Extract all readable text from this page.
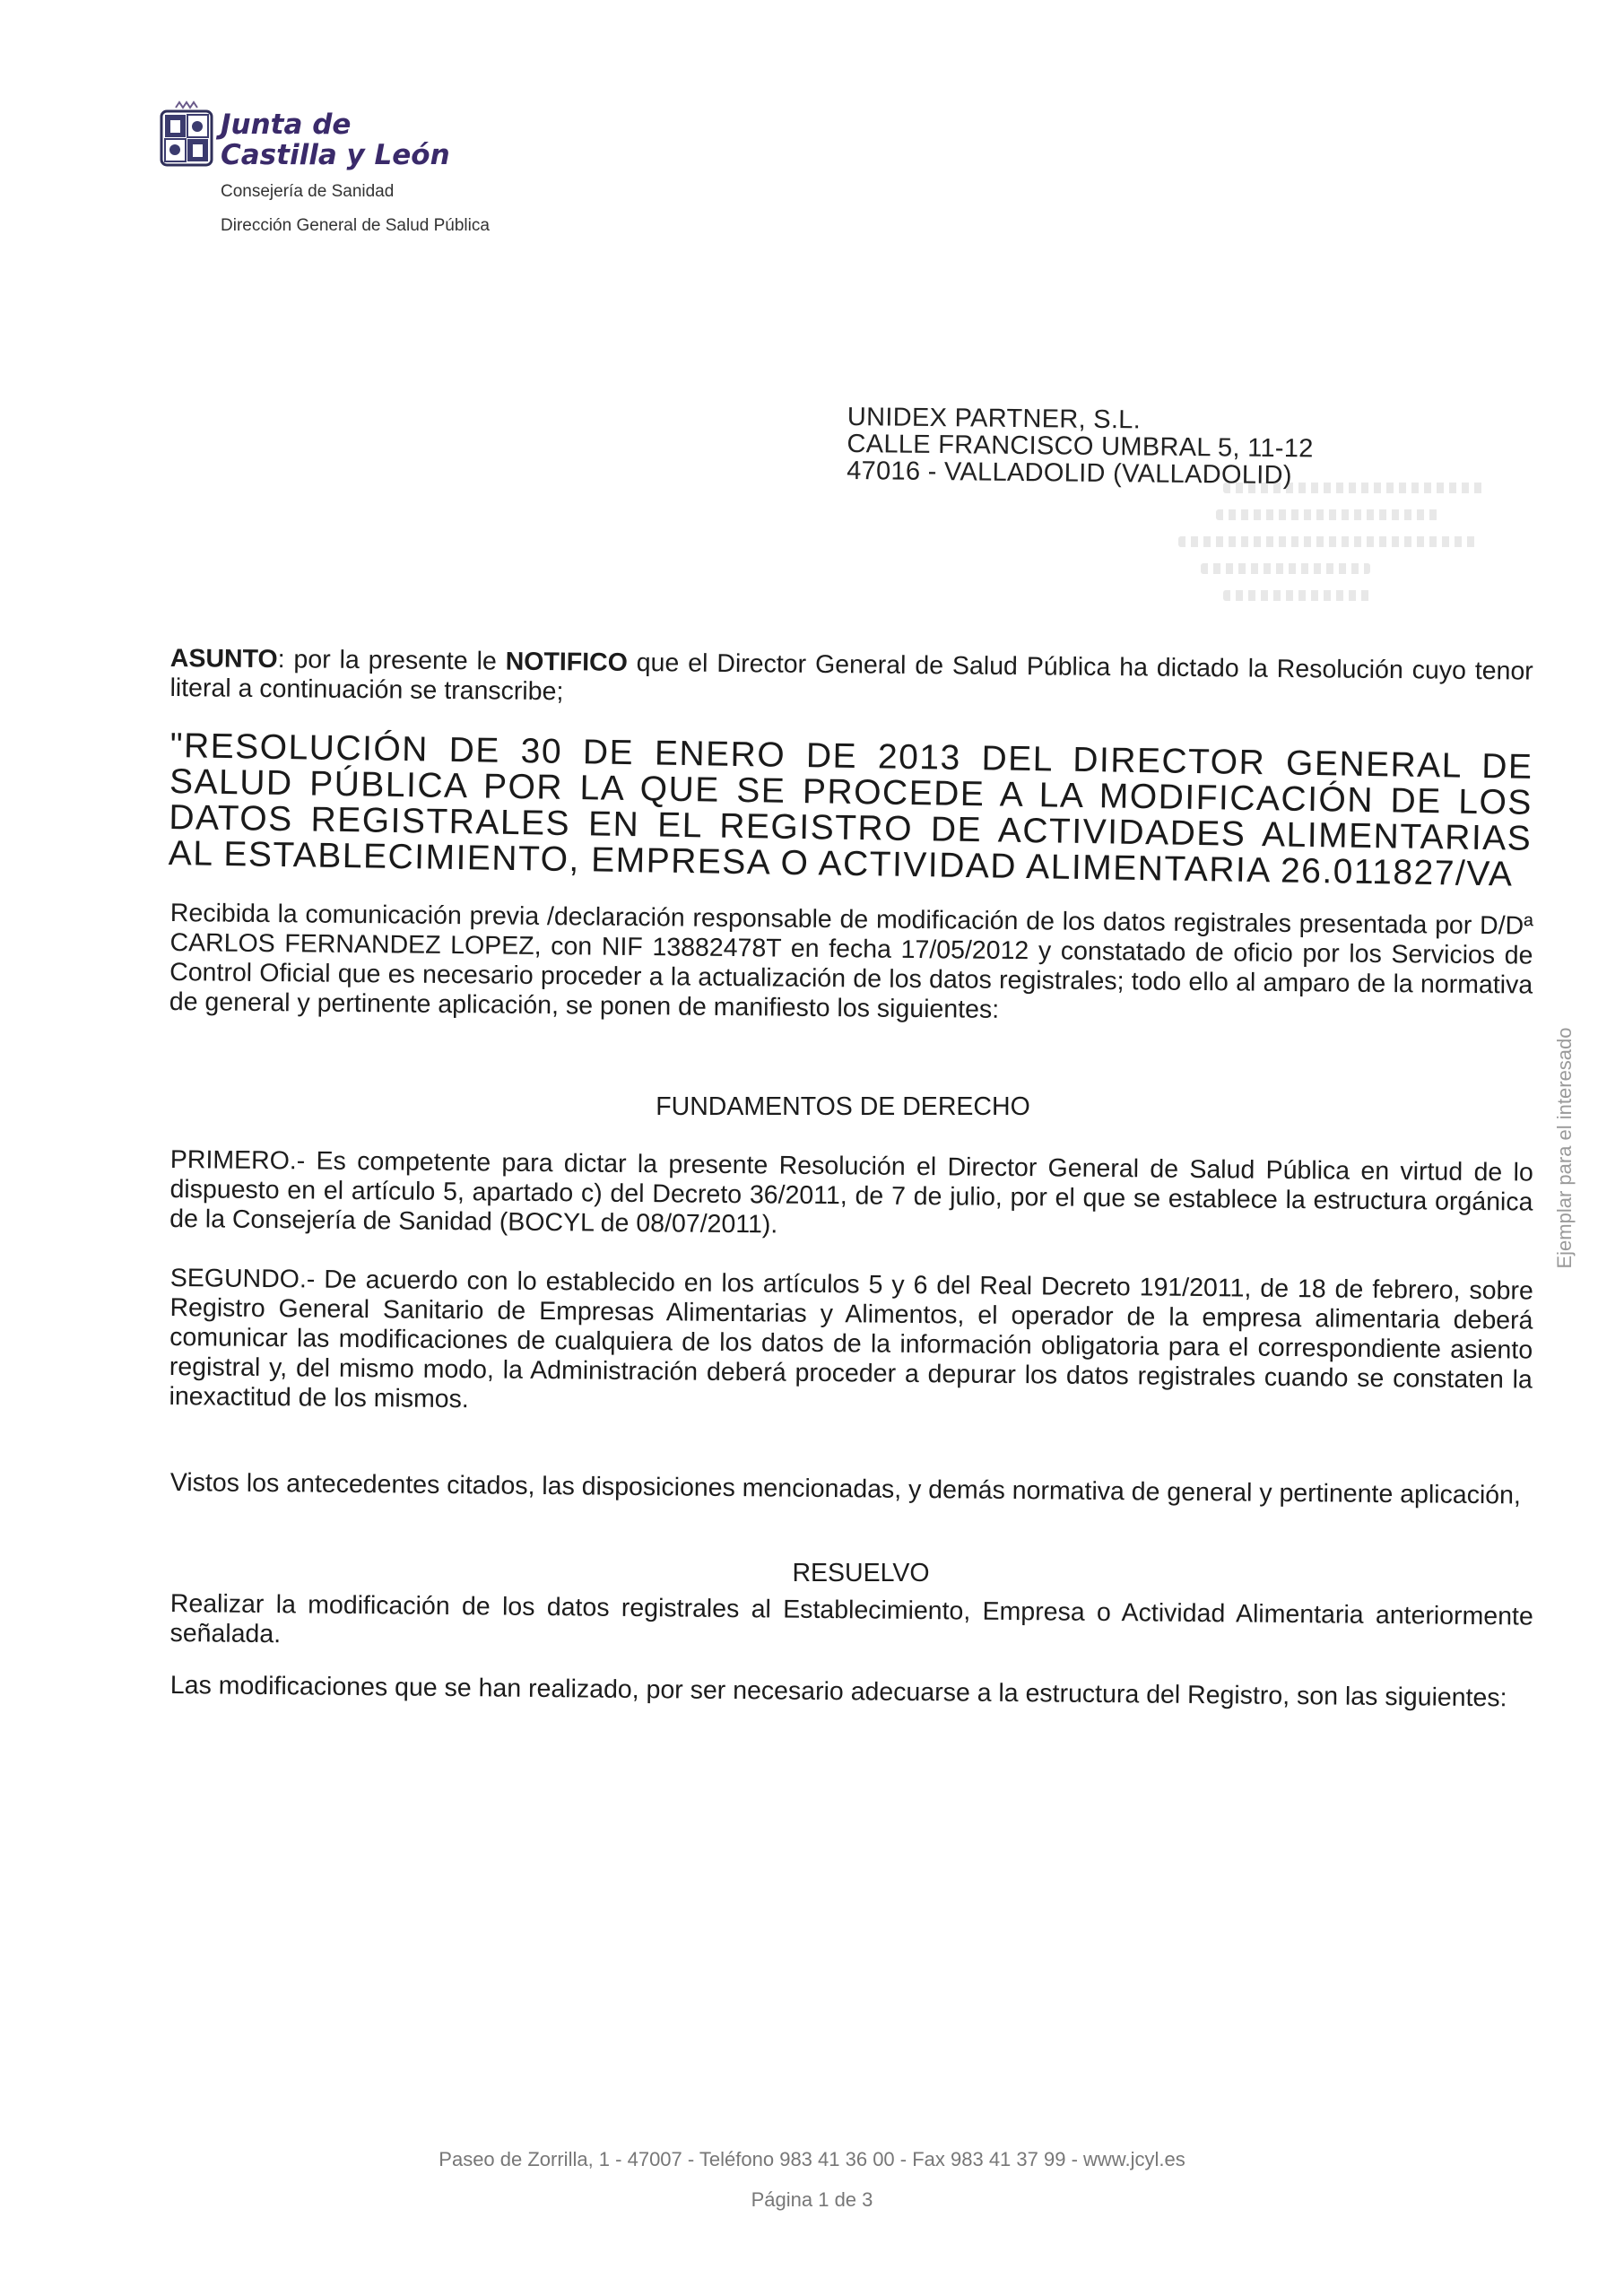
Junta de
Castilla y León
Consejería de Sanidad
Dirección General de Salud Pública
UNIDEX PARTNER, S.L.
CALLE FRANCISCO UMBRAL 5, 11-12
47016 - VALLADOLID (VALLADOLID)
ASUNTO: por la presente le NOTIFICO que el Director General de Salud Pública ha dictado la Resolución cuyo tenor literal a continuación se transcribe;
"RESOLUCIÓN DE 30 DE ENERO DE 2013 DEL DIRECTOR GENERAL DE SALUD PÚBLICA POR LA QUE SE PROCEDE A LA MODIFICACIÓN DE LOS DATOS REGISTRALES EN EL REGISTRO DE ACTIVIDADES ALIMENTARIAS AL ESTABLECIMIENTO, EMPRESA O ACTIVIDAD ALIMENTARIA 26.011827/VA
Recibida la comunicación previa /declaración responsable de modificación de los datos registrales presentada por D/Dª CARLOS FERNANDEZ LOPEZ, con NIF 13882478T en fecha 17/05/2012 y constatado de oficio por los Servicios de Control Oficial que es necesario proceder a la actualización de los datos registrales; todo ello al amparo de la normativa de general y pertinente aplicación, se ponen de manifiesto los siguientes:
FUNDAMENTOS DE DERECHO
PRIMERO.- Es competente para dictar la presente Resolución el Director General de Salud Pública en virtud de lo dispuesto en el artículo 5, apartado c) del Decreto 36/2011, de 7 de julio, por el que se establece la estructura orgánica de la Consejería de Sanidad (BOCYL de 08/07/2011).
SEGUNDO.- De acuerdo con lo establecido en los artículos 5 y 6 del Real Decreto 191/2011, de 18 de febrero, sobre Registro General Sanitario de Empresas Alimentarias y Alimentos, el operador de la empresa alimentaria deberá comunicar las modificaciones de cualquiera de los datos de la información obligatoria para el correspondiente asiento registral y, del mismo modo, la Administración deberá proceder a depurar los datos registrales cuando se constaten la inexactitud de los mismos.
Vistos los antecedentes citados, las disposiciones mencionadas, y demás normativa de general y pertinente aplicación,
RESUELVO
Realizar la modificación de los datos registrales al Establecimiento, Empresa o Actividad Alimentaria anteriormente señalada.
Las modificaciones que se han realizado, por ser necesario adecuarse a la estructura del Registro, son las siguientes:
Ejemplar para el interesado
Paseo de Zorrilla, 1 - 47007 - Teléfono 983 41 36 00 - Fax 983 41 37 99 - www.jcyl.es
Página 1 de 3
